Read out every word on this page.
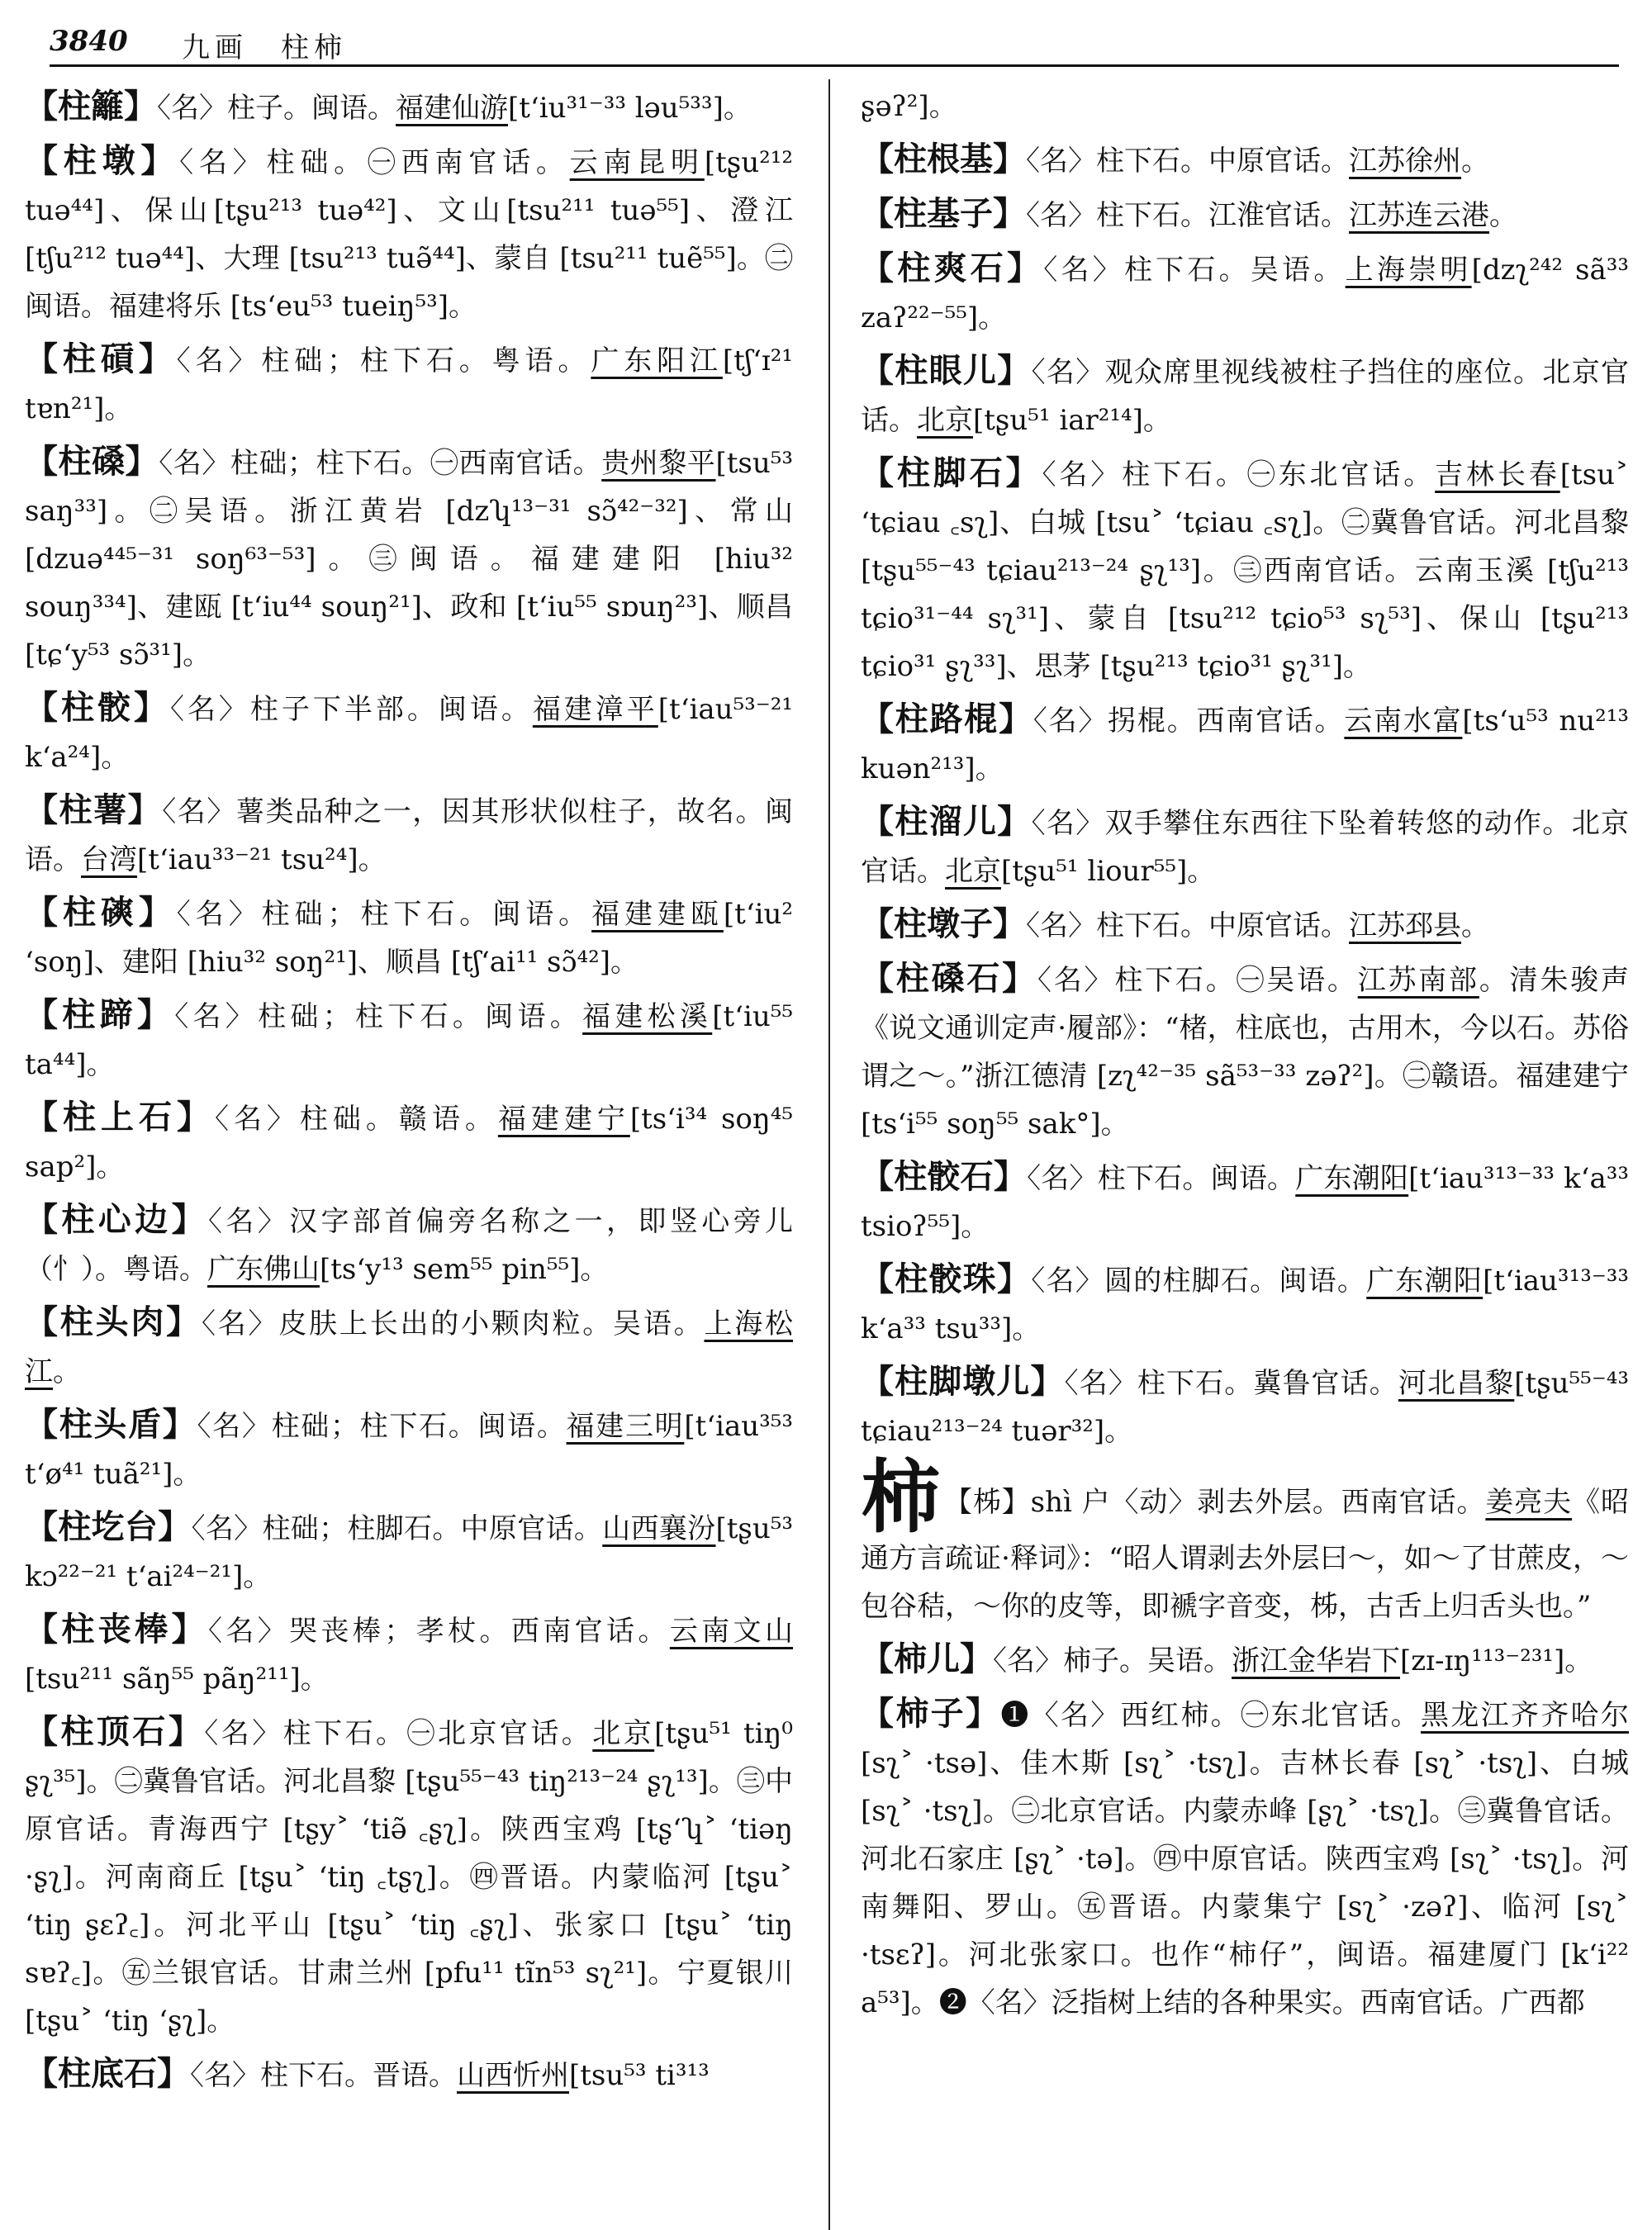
3840 九画　柱柿

【柱籬】〈名〉柱子。闽语。福建仙游[tʻiu³¹⁻³³ ləu⁵³³]。

【柱墩】〈名〉柱础。㊀西南官话。云南昆明[tʂu²¹² tuə⁴⁴]、保山[tʂu²¹³ tuə⁴²]、文山[tsu²¹¹ tuə⁵⁵]、澄江 [tʃu²¹² tuə⁴⁴]、大理 [tsu²¹³ tuə̃⁴⁴]、蒙自 [tsu²¹¹ tuẽ⁵⁵]。㊁闽语。福建将乐 [tsʻeu⁵³ tueiŋ⁵³]。

【柱碽】〈名〉柱础；柱下石。粤语。广东阳江[tʃʻɪ²¹ tɐn²¹]。

【柱磉】〈名〉柱础；柱下石。㊀西南官话。贵州黎平[tsu⁵³ saŋ³³]。㊁吴语。浙江黄岩 [dzʮ¹³⁻³¹ sɔ̃⁴²⁻³²]、常山 [dzuə⁴⁴⁵⁻³¹ soŋ⁶³⁻⁵³]。㊂闽语。福建建阳 [hiu³² souŋ³³⁴]、建瓯 [tʻiu⁴⁴ souŋ²¹]、政和 [tʻiu⁵⁵ sɒuŋ²³]、顺昌 [tɕʻy⁵³ sɔ̃³¹]。

【柱骹】〈名〉柱子下半部。闽语。福建漳平[tʻiau⁵³⁻²¹ kʻa²⁴]。

【柱薯】〈名〉薯类品种之一，因其形状似柱子，故名。闽语。台湾[tʻiau³³⁻²¹ tsu²⁴]。

【柱磢】〈名〉柱础；柱下石。闽语。福建建瓯[tʻiu² ʻsoŋ]、建阳 [hiu³² soŋ²¹]、顺昌 [tʃʻai¹¹ sɔ̃⁴²]。

【柱蹄】〈名〉柱础；柱下石。闽语。福建松溪[tʻiu⁵⁵ ta⁴⁴]。

【柱上石】〈名〉柱础。赣语。福建建宁[tsʻi³⁴ soŋ⁴⁵ sap²]。

【柱心边】〈名〉汉字部首偏旁名称之一，即竖心旁儿（忄）。粤语。广东佛山[tsʻy¹³ sem⁵⁵ pin⁵⁵]。

【柱头肉】〈名〉皮肤上长出的小颗肉粒。吴语。上海松江。

【柱头盾】〈名〉柱础；柱下石。闽语。福建三明[tʻiau³⁵³ tʻø⁴¹ tuã²¹]。

【柱圪台】〈名〉柱础；柱脚石。中原官话。山西襄汾[tʂu⁵³ kɔ²²⁻²¹ tʻai²⁴⁻²¹]。

【柱丧棒】〈名〉哭丧棒；孝杖。西南官话。云南文山[tsu²¹¹ sãŋ⁵⁵ pãŋ²¹¹]。

【柱顶石】〈名〉柱下石。㊀北京官话。北京[tʂu⁵¹ tiŋ⁰ ʂʅ³⁵]。㊁冀鲁官话。河北昌黎 [tʂu⁵⁵⁻⁴³ tiŋ²¹³⁻²⁴ ʂʅ¹³]。㊂中原官话。青海西宁 [tʂy˃ ʻtiə̃ ꜀ʂʅ]。陕西宝鸡 [tʂʻʮ˃ ʻtiəŋ ·ʂʅ]。河南商丘 [tʂu˃ ʻtiŋ ꜀tʂʅ]。㊃晋语。内蒙临河 [tʂu˃ ʻtiŋ ʂɛʔ꜀]。河北平山 [tʂu˃ ʻtiŋ ꜀ʂʅ]、张家口 [tʂu˃ ʻtiŋ sɐʔ꜀]。㊄兰银官话。甘肃兰州 [pfu¹¹ tĩn⁵³ sʅ²¹]。宁夏银川 [tʂu˃ ʻtiŋ ʻʂʅ]。

【柱底石】〈名〉柱下石。晋语。山西忻州[tsu⁵³ ti³¹³

ʂəʔ²]。

【柱根基】〈名〉柱下石。中原官话。江苏徐州。

【柱基子】〈名〉柱下石。江淮官话。江苏连云港。

【柱爽石】〈名〉柱下石。吴语。上海崇明[dzʅ²⁴² sã³³ zaʔ²²⁻⁵⁵]。

【柱眼儿】〈名〉观众席里视线被柱子挡住的座位。北京官话。北京[tʂu⁵¹ iar²¹⁴]。

【柱脚石】〈名〉柱下石。㊀东北官话。吉林长春[tsu˃ ʻtɕiau ꜀sʅ]、白城 [tsu˃ ʻtɕiau ꜀sʅ]。㊁冀鲁官话。河北昌黎 [tʂu⁵⁵⁻⁴³ tɕiau²¹³⁻²⁴ ʂʅ¹³]。㊂西南官话。云南玉溪 [tʃu²¹³ tɕio³¹⁻⁴⁴ sʅ³¹]、蒙自 [tsu²¹² tɕio⁵³ sʅ⁵³]、保山 [tʂu²¹³ tɕio³¹ ʂʅ³³]、思茅 [tʂu²¹³ tɕio³¹ ʂʅ³¹]。

【柱路棍】〈名〉拐棍。西南官话。云南水富[tsʻu⁵³ nu²¹³ kuən²¹³]。

【柱溜儿】〈名〉双手攀住东西往下坠着转悠的动作。北京官话。北京[tʂu⁵¹ liour⁵⁵]。

【柱墩子】〈名〉柱下石。中原官话。江苏邳县。

【柱磉石】〈名〉柱下石。㊀吴语。江苏南部。清朱骏声《说文通训定声·履部》：“楮，柱底也，古用木，今以石。苏俗谓之～。”浙江德清 [zʅ⁴²⁻³⁵ sã⁵³⁻³³ zəʔ²]。㊁赣语。福建建宁 [tsʻi⁵⁵ soŋ⁵⁵ sak°]。

【柱骹石】〈名〉柱下石。闽语。广东潮阳[tʻiau³¹³⁻³³ kʻa³³ tsioʔ⁵⁵]。

【柱骹珠】〈名〉圆的柱脚石。闽语。广东潮阳[tʻiau³¹³⁻³³ kʻa³³ tsu³³]。

【柱脚墩儿】〈名〉柱下石。冀鲁官话。河北昌黎[tʂu⁵⁵⁻⁴³ tɕiau²¹³⁻²⁴ tuər³²]。

柿 【柹】shì 户〈动〉剥去外层。西南官话。姜亮夫《昭通方言疏证·释词》：“昭人谓剥去外层曰～，如～了甘蔗皮，～包谷秸，～你的皮等，即褫字音变，柹，古舌上归舌头也。”

【柿儿】〈名〉柿子。吴语。浙江金华岩下[zɪ-ɪŋ¹¹³⁻²³¹]。

【柿子】❶〈名〉西红柿。㊀东北官话。黑龙江齐齐哈尔[sʅ˃ ·tsə]、佳木斯 [sʅ˃ ·tsʅ]。吉林长春 [sʅ˃ ·tsʅ]、白城 [sʅ˃ ·tsʅ]。㊁北京官话。内蒙赤峰 [ʂʅ˃ ·tsʅ]。㊂冀鲁官话。河北石家庄 [ʂʅ˃ ·tə]。㊃中原官话。陕西宝鸡 [sʅ˃ ·tsʅ]。河南舞阳、罗山。㊄晋语。内蒙集宁 [sʅ˃ ·zəʔ]、临河 [sʅ˃ ·tsɛʔ]。河北张家口。也作“柿仔”，闽语。福建厦门 [kʻi²² a⁵³]。❷〈名〉泛指树上结的各种果实。西南官话。广西都
